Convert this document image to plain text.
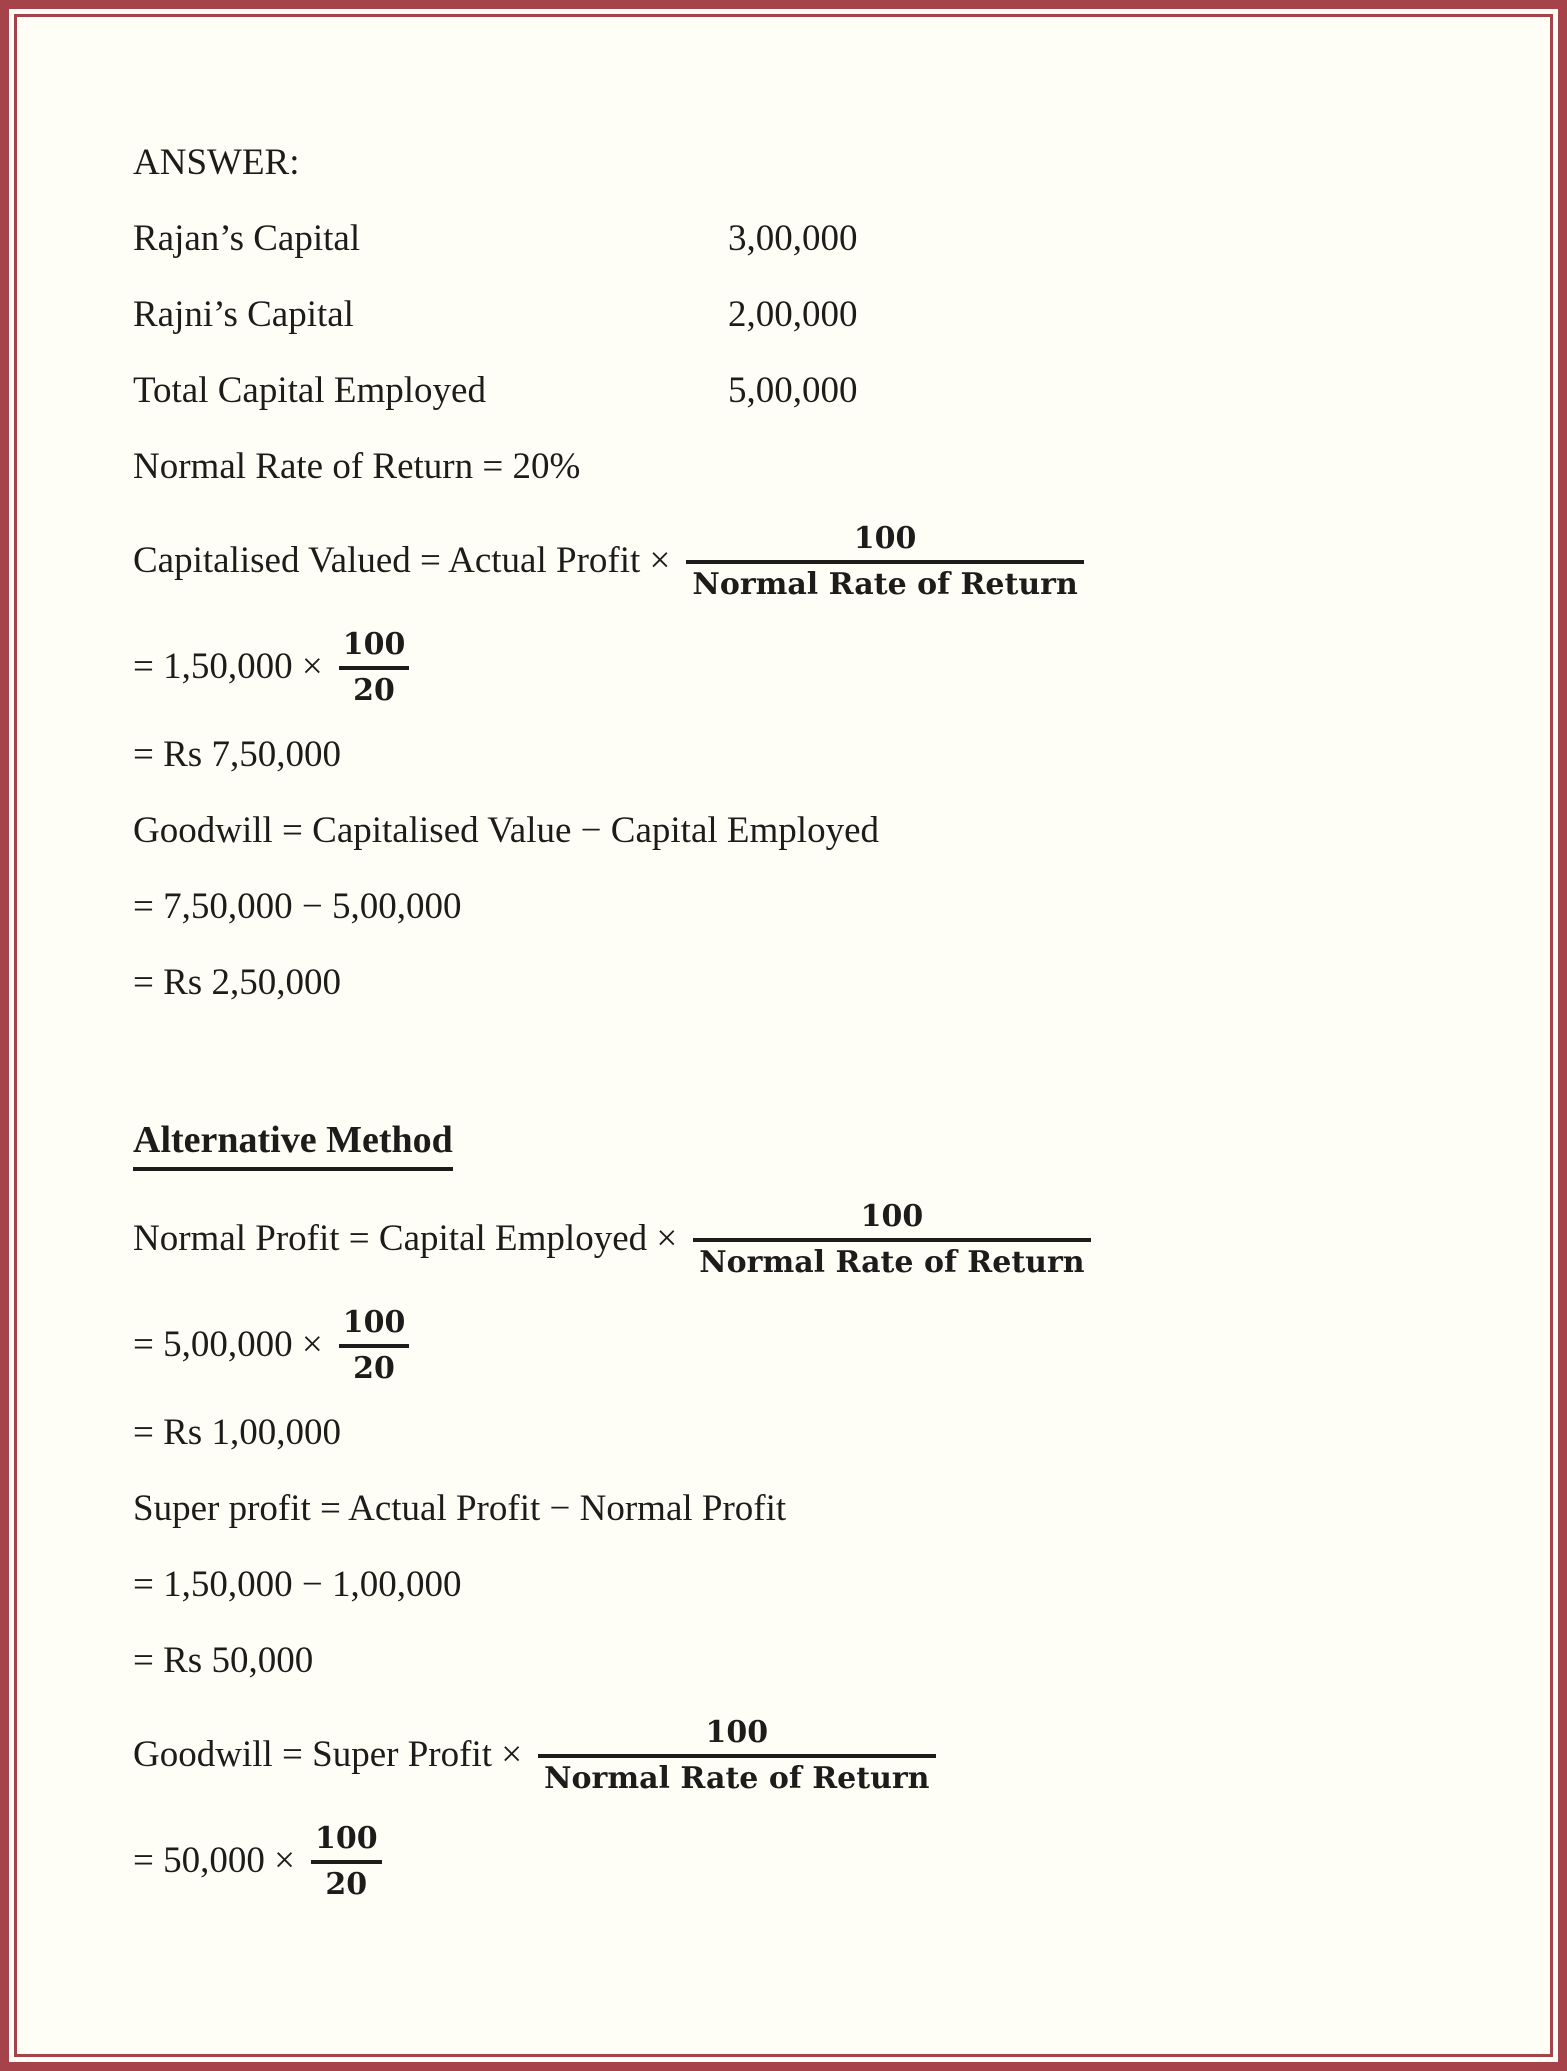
ANSWER:
Rajan’s Capital	3,00,000
Rajni’s Capital	2,00,000
Total Capital Employed	5,00,000
Normal Rate of Return = 20%
Capitalised Valued = Actual Profit × $\frac{100}{\text{Normal Rate of Return}}$
= $1,50,000 \times \frac{100}{20}$
= Rs 7,50,000
Goodwill = Capitalised Value − Capital Employed
= 7,50,000 − 5,00,000
= Rs 2,50,000
Alternative Method
Normal Profit = Capital Employed × $\frac{100}{\text{Normal Rate of Return}}$
= $5,00,000 \times \frac{100}{20}$
= Rs 1,00,000
Super profit = Actual Profit − Normal Profit
= 1,50,000 − 1,00,000
= Rs 50,000
Goodwill = Super Profit × $\frac{100}{\text{Normal Rate of Return}}$
= $50,000 \times \frac{100}{20}$
